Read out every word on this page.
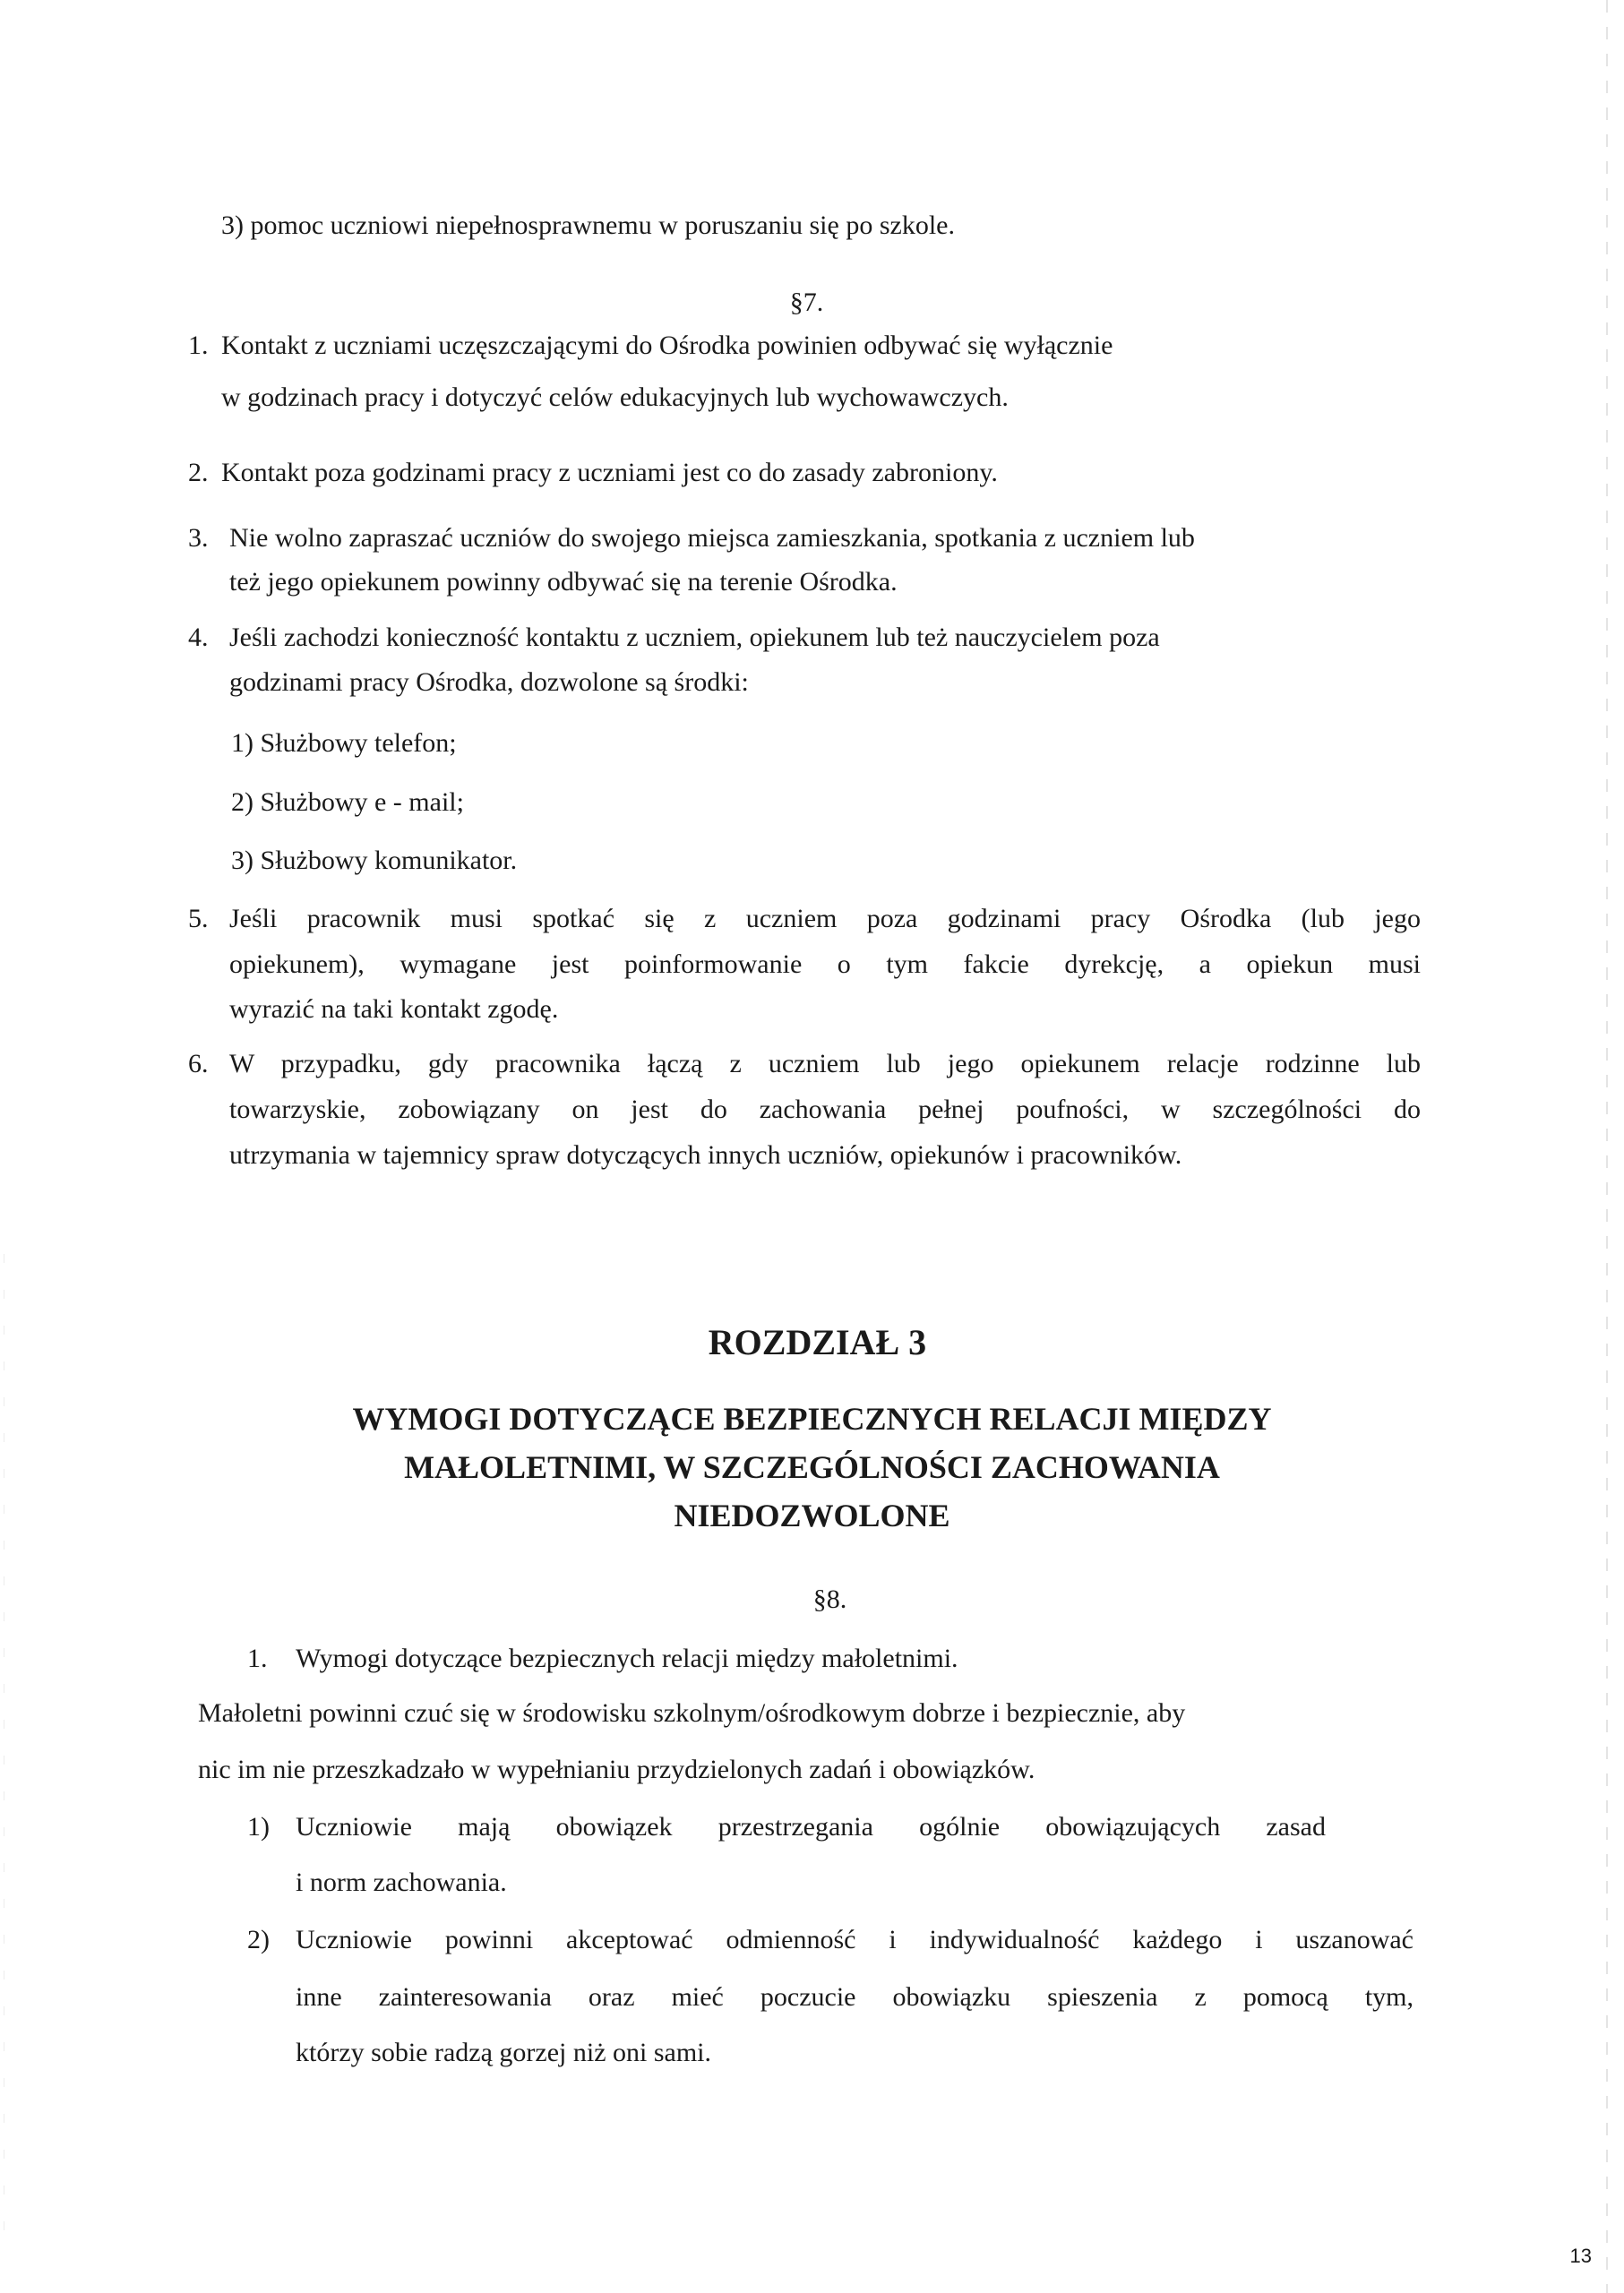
3) pomoc uczniowi niepełnosprawnemu w poruszaniu się po szkole.
§7.
1. Kontakt z uczniami uczęszczającymi do Ośrodka powinien odbywać się wyłącznie
w godzinach pracy i dotyczyć celów edukacyjnych lub wychowawczych.
2. Kontakt poza godzinami pracy z uczniami jest co do zasady zabroniony.
3. Nie wolno zapraszać uczniów do swojego miejsca zamieszkania, spotkania z uczniem lub
też jego opiekunem powinny odbywać się na terenie Ośrodka.
4. Jeśli zachodzi konieczność kontaktu z uczniem, opiekunem lub też nauczycielem poza
godzinami pracy Ośrodka, dozwolone są środki:
1) Służbowy telefon;
2) Służbowy e - mail;
3) Służbowy komunikator.
5. Jeśli pracownik musi spotkać się z uczniem poza godzinami pracy Ośrodka (lub jego
opiekunem), wymagane jest poinformowanie o tym fakcie dyrekcję, a opiekun musi
wyrazić na taki kontakt zgodę.
6. W przypadku, gdy pracownika łączą z uczniem lub jego opiekunem relacje rodzinne lub
towarzyskie, zobowiązany on jest do zachowania pełnej poufności, w szczególności do
utrzymania w tajemnicy spraw dotyczących innych uczniów, opiekunów i pracowników.
ROZDZIAŁ 3
WYMOGI DOTYCZĄCE BEZPIECZNYCH RELACJI MIĘDZY
MAŁOLETNIMI, W SZCZEGÓLNOŚCI ZACHOWANIA
NIEDOZWOLONE
§8.
1. Wymogi dotyczące bezpiecznych relacji między małoletnimi.
Małoletni powinni czuć się w środowisku szkolnym/ośrodkowym dobrze i bezpiecznie, aby
nic im nie przeszkadzało w wypełnianiu przydzielonych zadań i obowiązków.
1) Uczniowie mają obowiązek przestrzegania ogólnie obowiązujących zasad
i norm zachowania.
2) Uczniowie powinni akceptować odmienność i indywidualność każdego i uszanować
inne zainteresowania oraz mieć poczucie obowiązku spieszenia z pomocą tym,
którzy sobie radzą gorzej niż oni sami.
13
